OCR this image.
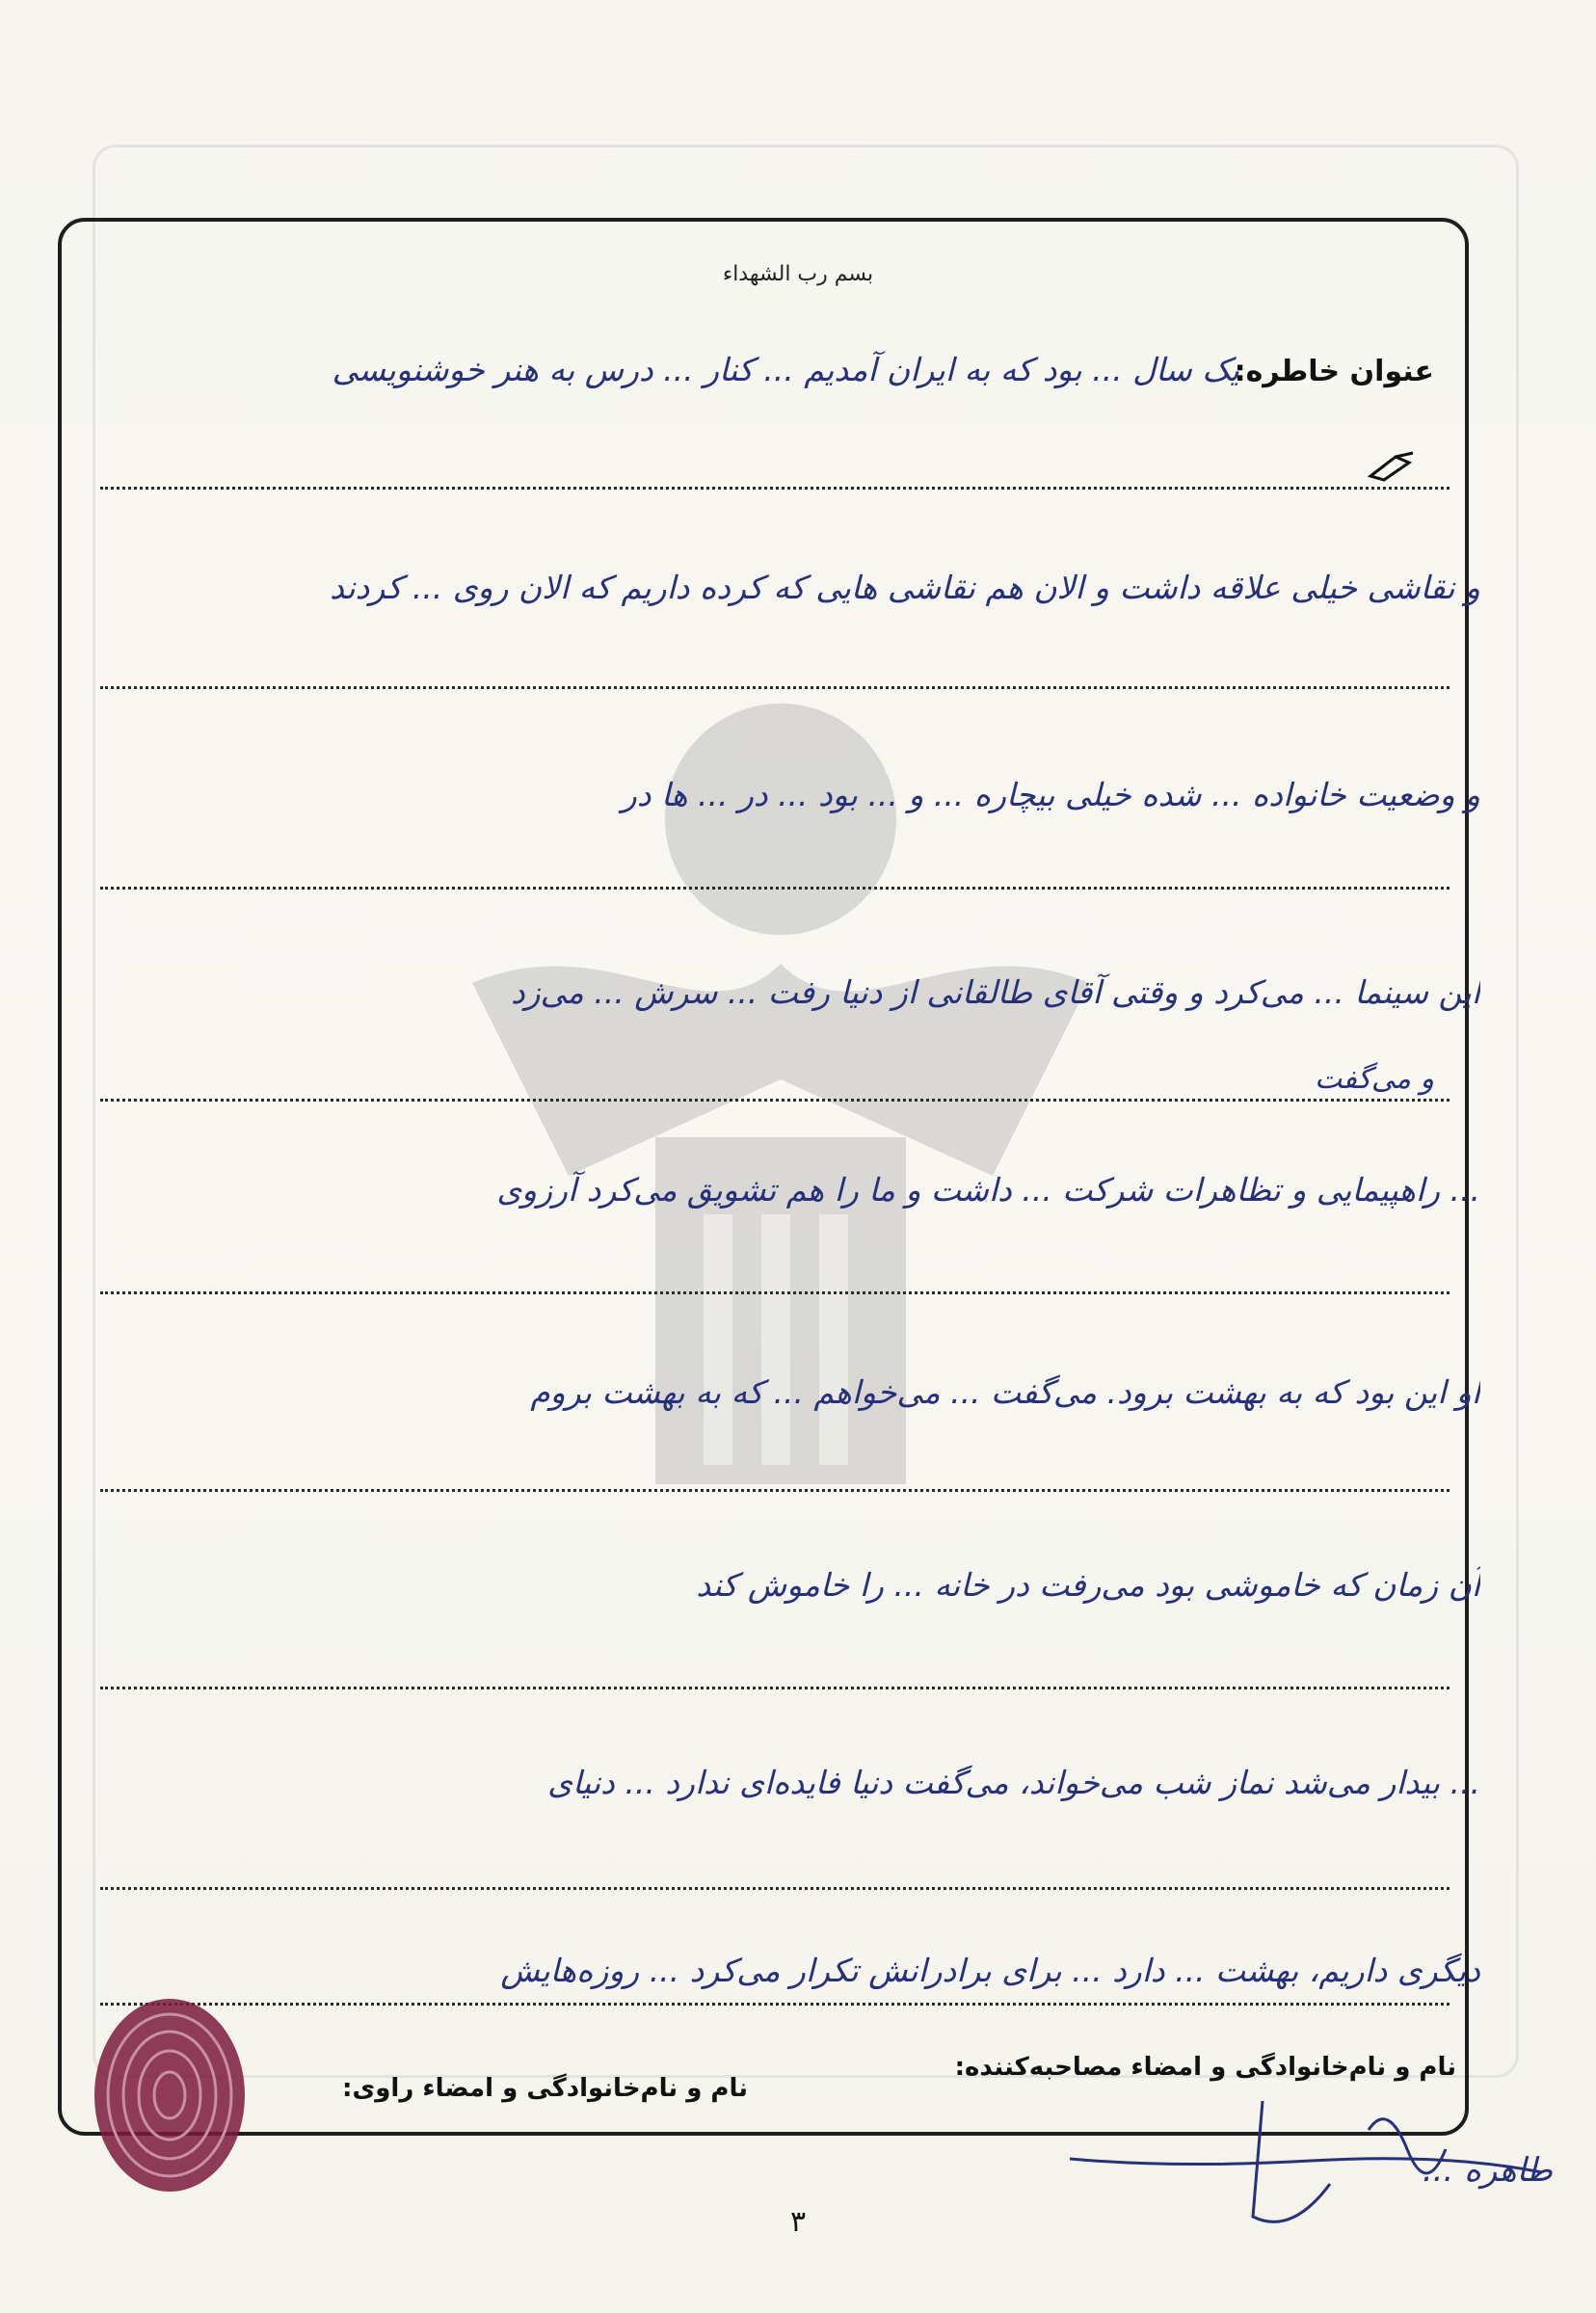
بسم رب الشهداء
عنوان خاطره:
یک سال ... بود که به ایران آمدیم ... کنار ... درس به هنر خوشنویسی
و نقاشی خیلی علاقه داشت و الان هم نقاشی هایی که کرده داریم که الان روی ... کردند
و وضعیت خانواده ... شده خیلی بیچاره ... و ... بود ... در ... ها در
این سینما ... می‌کرد و وقتی آقای طالقانی از دنیا رفت ... سرش ... می‌زد
و می‌گفت
... راهپیمایی و تظاهرات شرکت ... داشت و ما را هم تشویق می‌کرد آرزوی
او این بود که به بهشت برود. می‌گفت ... می‌خواهم ... که به بهشت بروم
آن زمان که خاموشی بود می‌رفت در خانه ... را خاموش کند
... بیدار می‌شد نماز شب می‌خواند، می‌گفت دنیا فایده‌ای ندارد ... دنیای
دیگری داریم، بهشت ... دارد ... برای برادرانش تکرار می‌کرد ... روزه‌هایش
نام و نام‌خانوادگی و امضاء مصاحبه‌کننده:
نام و نام‌خانوادگی و امضاء راوی:
طاهره ...
٣
